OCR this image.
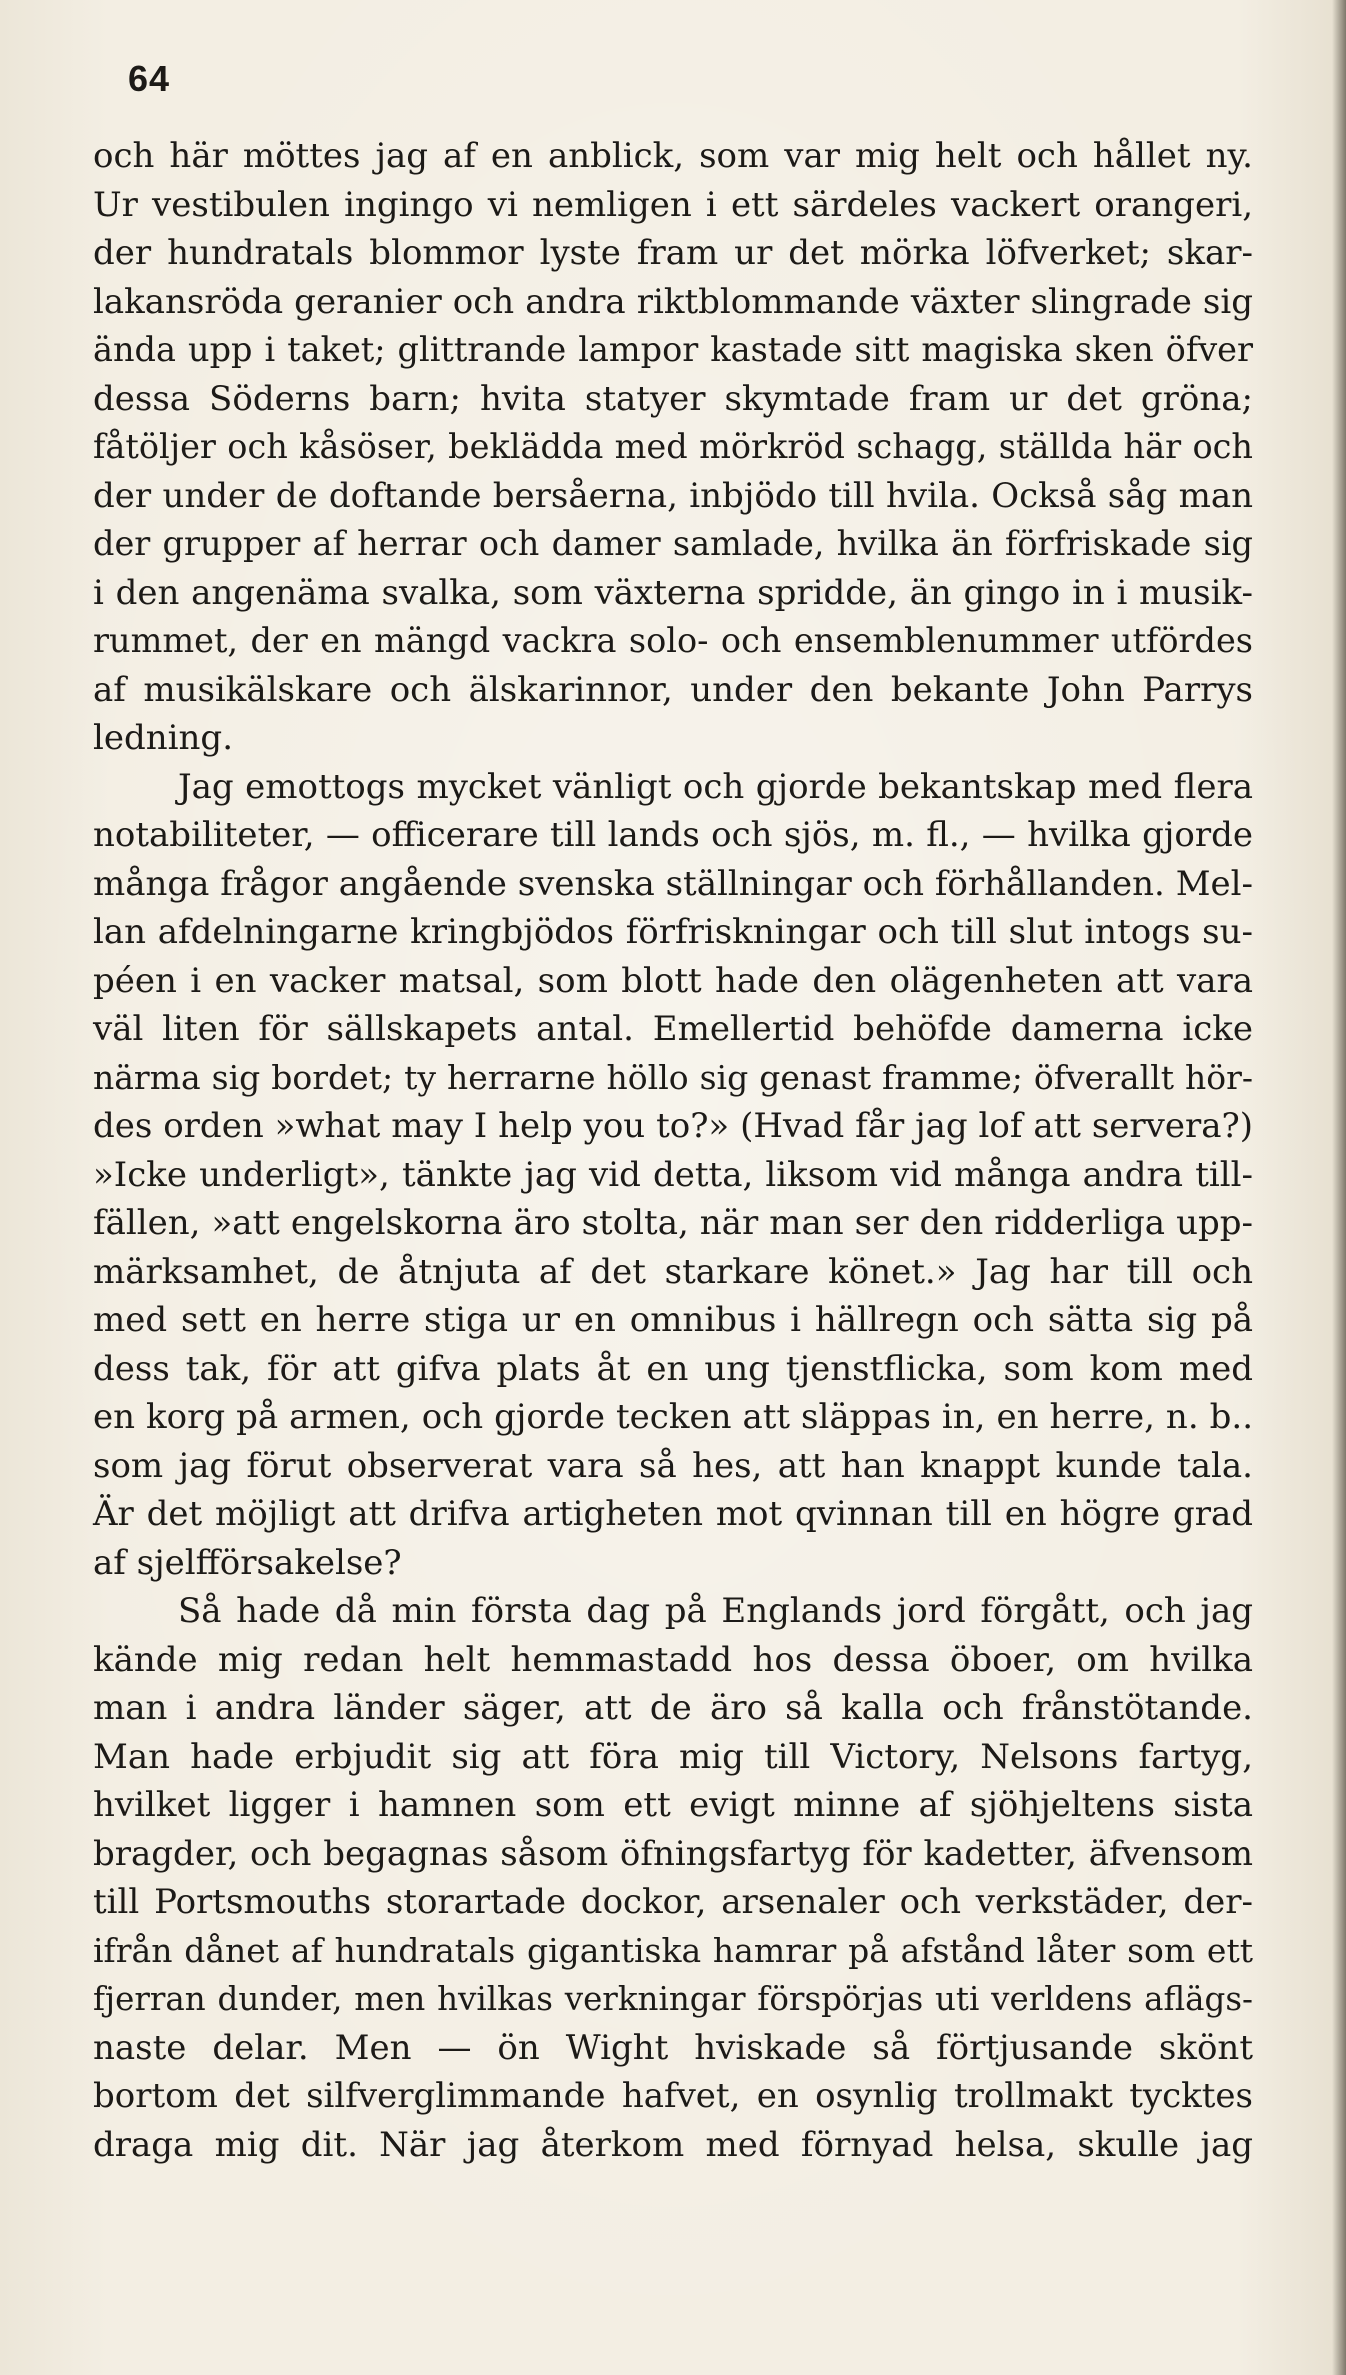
64
och här möttes jag af en anblick, som var mig helt och hållet ny.
Ur vestibulen ingingo vi nemligen i ett särdeles vackert orangeri,
der hundratals blommor lyste fram ur det mörka löfverket; skar-
lakansröda geranier och andra riktblommande växter slingrade sig
ända upp i taket; glittrande lampor kastade sitt magiska sken öfver
dessa Söderns barn; hvita statyer skymtade fram ur det gröna;
fåtöljer och kåsöser, beklädda med mörkröd schagg, ställda här och
der under de doftande bersåerna, inbjödo till hvila. Också såg man
der grupper af herrar och damer samlade, hvilka än förfriskade sig
i den angenäma svalka, som växterna spridde, än gingo in i musik-
rummet, der en mängd vackra solo- och ensemblenummer utfördes
af musikälskare och älskarinnor, under den bekante John Parrys
ledning.
Jag emottogs mycket vänligt och gjorde bekantskap med flera
notabiliteter, — officerare till lands och sjös, m. fl., — hvilka gjorde
många frågor angående svenska ställningar och förhållanden. Mel-
lan afdelningarne kringbjödos förfriskningar och till slut intogs su-
péen i en vacker matsal, som blott hade den olägenheten att vara
väl liten för sällskapets antal. Emellertid behöfde damerna icke
närma sig bordet; ty herrarne höllo sig genast framme; öfverallt hör-
des orden »what may I help you to?» (Hvad får jag lof att servera?)
»Icke underligt», tänkte jag vid detta, liksom vid många andra till-
fällen, »att engelskorna äro stolta, när man ser den ridderliga upp-
märksamhet, de åtnjuta af det starkare könet.» Jag har till och
med sett en herre stiga ur en omnibus i hällregn och sätta sig på
dess tak, för att gifva plats åt en ung tjenstflicka, som kom med
en korg på armen, och gjorde tecken att släppas in, en herre, n. b..
som jag förut observerat vara så hes, att han knappt kunde tala.
Är det möjligt att drifva artigheten mot qvinnan till en högre grad
af sjelfförsakelse?
Så hade då min första dag på Englands jord förgått, och jag
kände mig redan helt hemmastadd hos dessa öboer, om hvilka
man i andra länder säger, att de äro så kalla och frånstötande.
Man hade erbjudit sig att föra mig till Victory, Nelsons fartyg,
hvilket ligger i hamnen som ett evigt minne af sjöhjeltens sista
bragder, och begagnas såsom öfningsfartyg för kadetter, äfvensom
till Portsmouths storartade dockor, arsenaler och verkstäder, der-
ifrån dånet af hundratals gigantiska hamrar på afstånd låter som ett
fjerran dunder, men hvilkas verkningar förspörjas uti verldens aflägs-
naste delar. Men — ön Wight hviskade så förtjusande skönt
bortom det silfverglimmande hafvet, en osynlig trollmakt tycktes
draga mig dit. När jag återkom med förnyad helsa, skulle jag
